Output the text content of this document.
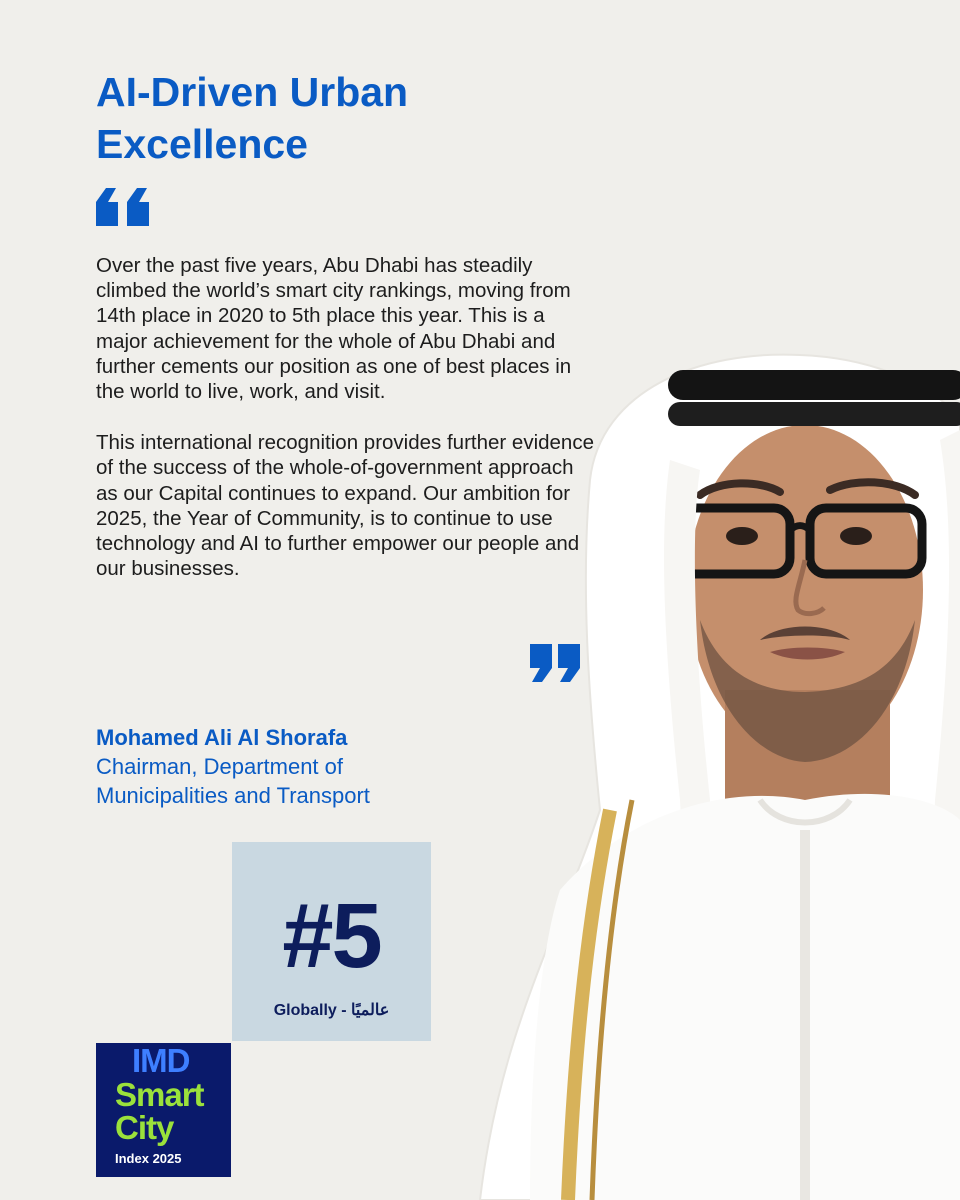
AI-Driven Urban Excellence

Over the past five years, Abu Dhabi has steadily climbed the world’s smart city rankings, moving from 14th place in 2020 to 5th place this year. This is a major achievement for the whole of Abu Dhabi and further cements our position as one of best places in the world to live, work, and visit.

This international recognition provides further evidence of the success of the whole-of-government approach as our Capital continues to expand. Our ambition for 2025, the Year of Community, is to continue to use technology and AI to further empower our people and our businesses.

Mohamed Ali Al Shorafa
Chairman, Department of Municipalities and Transport
#5
Globally - عالميًا
IMD
Smart
City
Index 2025
